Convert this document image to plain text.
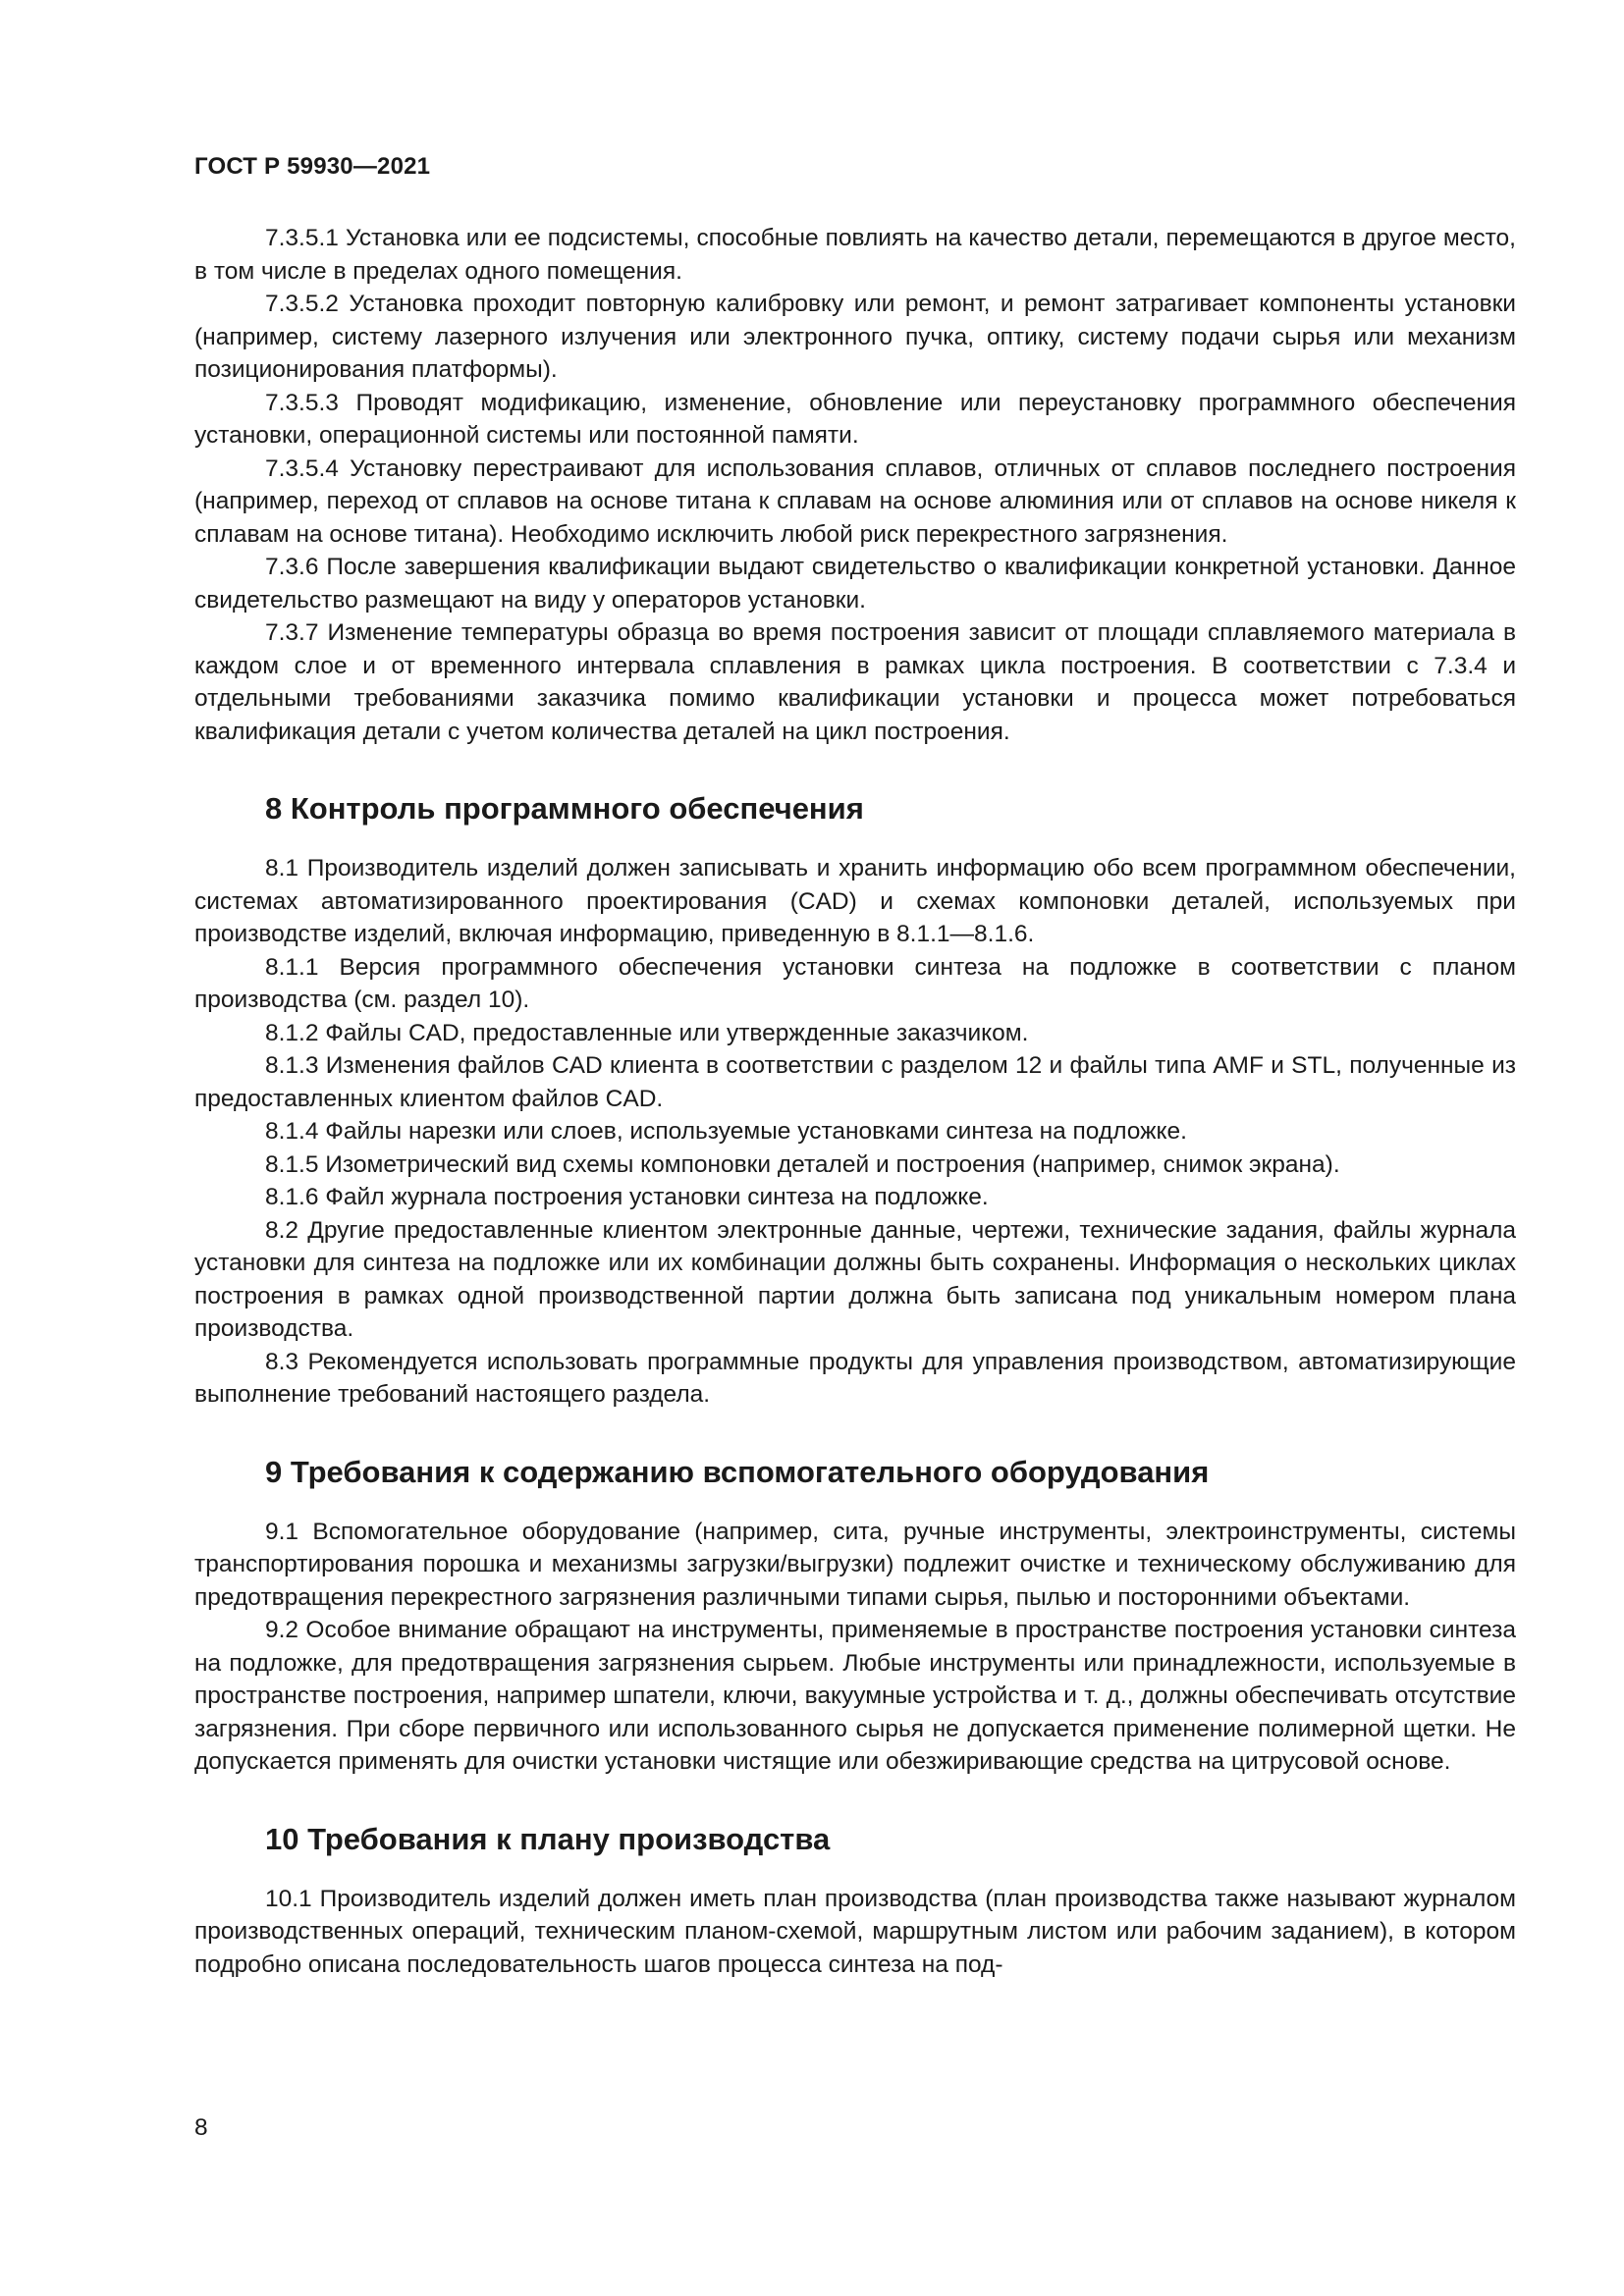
ГОСТ Р 59930—2021

7.3.5.1 Установка или ее подсистемы, способные повлиять на качество детали, перемещаются в другое место, в том числе в пределах одного помещения.

7.3.5.2 Установка проходит повторную калибровку или ремонт, и ремонт затрагивает компоненты установки (например, систему лазерного излучения или электронного пучка, оптику, систему подачи сырья или механизм позиционирования платформы).

7.3.5.3 Проводят модификацию, изменение, обновление или переустановку программного обеспечения установки, операционной системы или постоянной памяти.

7.3.5.4 Установку перестраивают для использования сплавов, отличных от сплавов последнего построения (например, переход от сплавов на основе титана к сплавам на основе алюминия или от сплавов на основе никеля к сплавам на основе титана). Необходимо исключить любой риск перекрестного загрязнения.

7.3.6 После завершения квалификации выдают свидетельство о квалификации конкретной установки. Данное свидетельство размещают на виду у операторов установки.

7.3.7 Изменение температуры образца во время построения зависит от площади сплавляемого материала в каждом слое и от временного интервала сплавления в рамках цикла построения. В соответствии с 7.3.4 и отдельными требованиями заказчика помимо квалификации установки и процесса может потребоваться квалификация детали с учетом количества деталей на цикл построения.

8 Контроль программного обеспечения

8.1 Производитель изделий должен записывать и хранить информацию обо всем программном обеспечении, системах автоматизированного проектирования (CAD) и схемах компоновки деталей, используемых при производстве изделий, включая информацию, приведенную в 8.1.1—8.1.6.

8.1.1 Версия программного обеспечения установки синтеза на подложке в соответствии с планом производства (см. раздел 10).

8.1.2 Файлы CAD, предоставленные или утвержденные заказчиком.

8.1.3 Изменения файлов CAD клиента в соответствии с разделом 12 и файлы типа AMF и STL, полученные из предоставленных клиентом файлов CAD.

8.1.4 Файлы нарезки или слоев, используемые установками синтеза на подложке.

8.1.5 Изометрический вид схемы компоновки деталей и построения (например, снимок экрана).

8.1.6 Файл журнала построения установки синтеза на подложке.

8.2 Другие предоставленные клиентом электронные данные, чертежи, технические задания, файлы журнала установки для синтеза на подложке или их комбинации должны быть сохранены. Информация о нескольких циклах построения в рамках одной производственной партии должна быть записана под уникальным номером плана производства.

8.3 Рекомендуется использовать программные продукты для управления производством, автоматизирующие выполнение требований настоящего раздела.

9 Требования к содержанию вспомогательного оборудования

9.1 Вспомогательное оборудование (например, сита, ручные инструменты, электроинструменты, системы транспортирования порошка и механизмы загрузки/выгрузки) подлежит очистке и техническому обслуживанию для предотвращения перекрестного загрязнения различными типами сырья, пылью и посторонними объектами.

9.2 Особое внимание обращают на инструменты, применяемые в пространстве построения установки синтеза на подложке, для предотвращения загрязнения сырьем. Любые инструменты или принадлежности, используемые в пространстве построения, например шпатели, ключи, вакуумные устройства и т. д., должны обеспечивать отсутствие загрязнения. При сборе первичного или использованного сырья не допускается применение полимерной щетки. Не допускается применять для очистки установки чистящие или обезжиривающие средства на цитрусовой основе.

10 Требования к плану производства

10.1 Производитель изделий должен иметь план производства (план производства также называют журналом производственных операций, техническим планом-схемой, маршрутным листом или рабочим заданием), в котором подробно описана последовательность шагов процесса синтеза на под-

8
